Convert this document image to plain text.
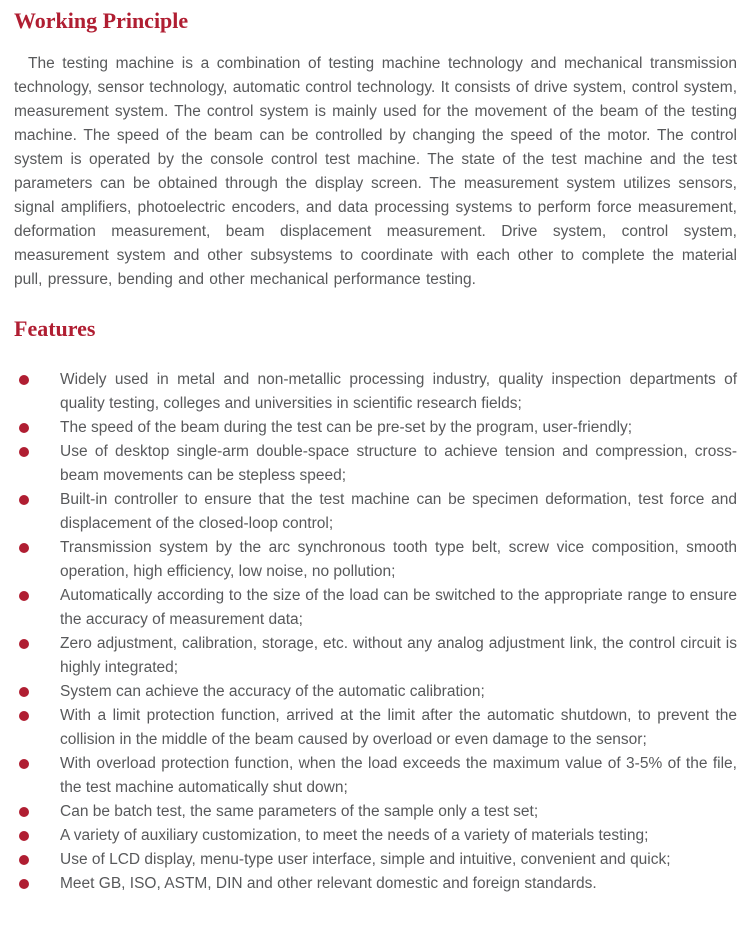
Working Principle

The testing machine is a combination of testing machine technology and mechanical transmission technology, sensor technology, automatic control technology. It consists of drive system, control system, measurement system. The control system is mainly used for the movement of the beam of the testing machine. The speed of the beam can be controlled by changing the speed of the motor. The control system is operated by the console control test machine. The state of the test machine and the test parameters can be obtained through the display screen. The measurement system utilizes sensors, signal amplifiers, photoelectric encoders, and data processing systems to perform force measurement, deformation measurement, beam displacement measurement. Drive system, control system, measurement system and other subsystems to coordinate with each other to complete the material pull, pressure, bending and other mechanical performance testing.

Features
Widely used in metal and non-metallic processing industry, quality inspection departments of quality testing, colleges and universities in scientific research fields;
The speed of the beam during the test can be pre-set by the program, user-friendly;
Use of desktop single-arm double-space structure to achieve tension and compression, cross-beam movements can be stepless speed;
Built-in controller to ensure that the test machine can be specimen deformation, test force and displacement of the closed-loop control;
Transmission system by the arc synchronous tooth type belt, screw vice composition, smooth operation, high efficiency, low noise, no pollution;
Automatically according to the size of the load can be switched to the appropriate range to ensure the accuracy of measurement data;
Zero adjustment, calibration, storage, etc. without any analog adjustment link, the control circuit is highly integrated;
System can achieve the accuracy of the automatic calibration;
With a limit protection function, arrived at the limit after the automatic shutdown, to prevent the collision in the middle of the beam caused by overload or even damage to the sensor;
With overload protection function, when the load exceeds the maximum value of 3-5% of the file, the test machine automatically shut down;
Can be batch test, the same parameters of the sample only a test set;
A variety of auxiliary customization, to meet the needs of a variety of materials testing;
Use of LCD display, menu-type user interface, simple and intuitive, convenient and quick;
Meet GB, ISO, ASTM, DIN and other relevant domestic and foreign standards.
